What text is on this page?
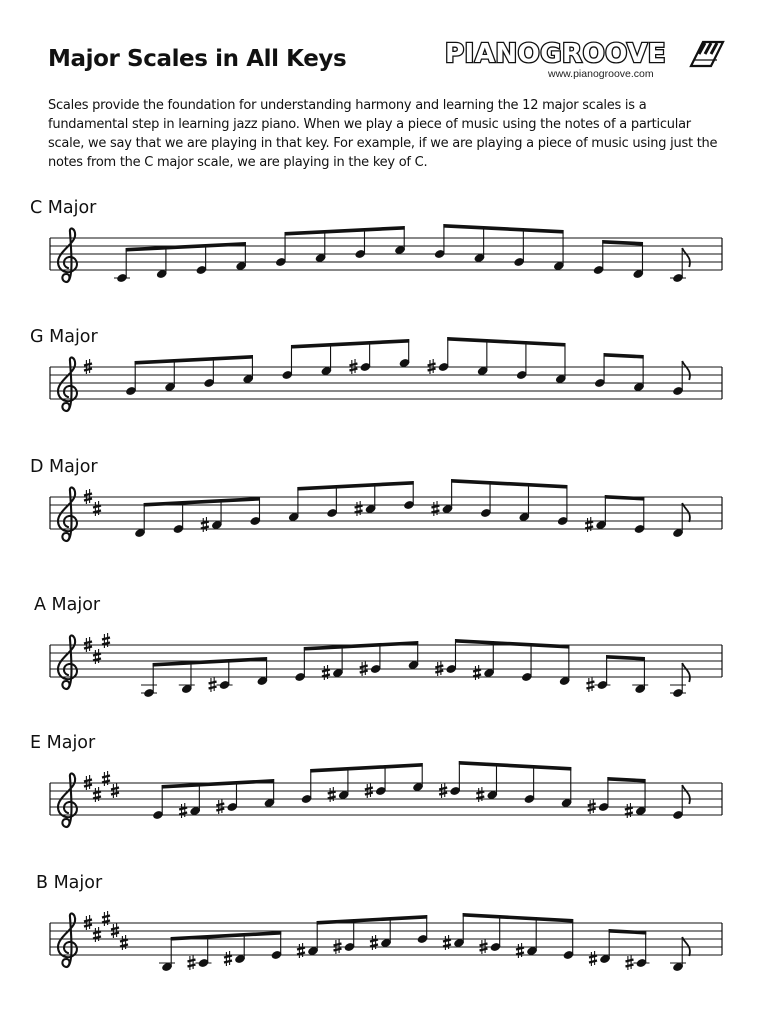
Major Scales in All Keys	PIANOGROOVE
www.pianogroove.com

Scales provide the foundation for understanding harmony and learning the 12 major scales is a fundamental step in learning jazz piano. When we play a piece of music using the notes of a particular scale, we say that we are playing in that key. For example, if we are playing a piece of music using just the notes from the C major scale, we are playing in the key of C.

C Major
G Major
D Major
A Major
E Major
B Major
